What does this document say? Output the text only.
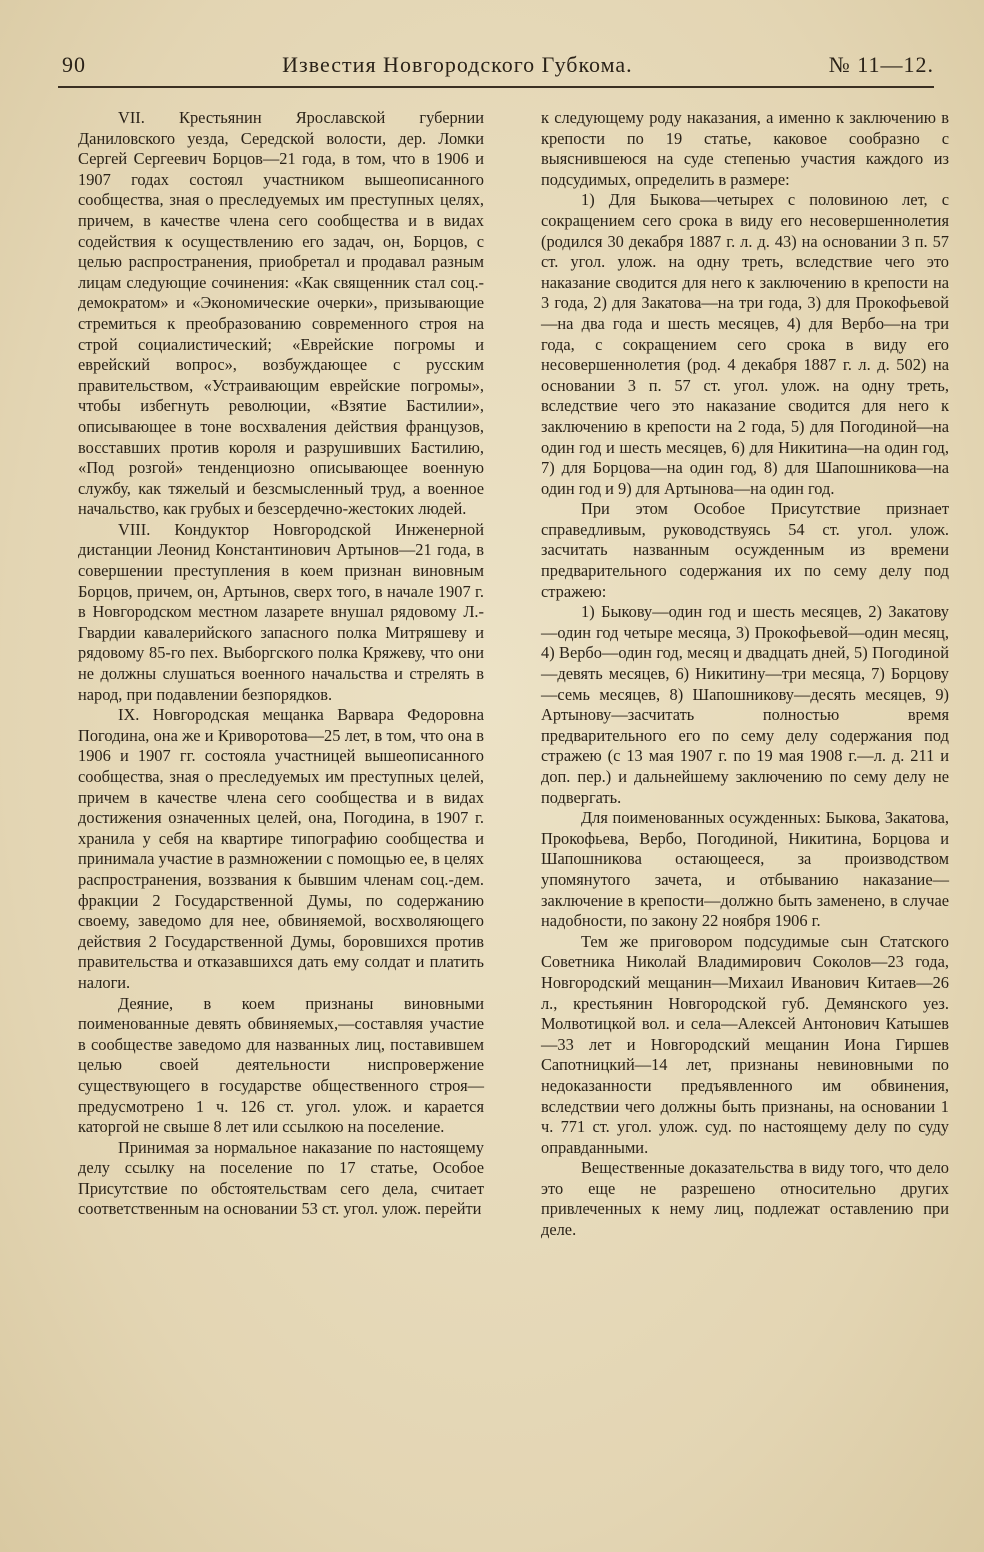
90	Известия Новгородского Губкома.	№ 11—12.

VII. Крестьянин Ярославской губернии Даниловского уезда, Середской волости, дер. Ломки Сергей Сергеевич Борцов—21 года, в том, что в 1906 и 1907 годах состоял участником вышеописанного сообщества, зная о преследуемых им преступных целях, причем, в качестве члена сего сообщества и в видах содействия к осуществлению его задач, он, Борцов, с целью распространения, приобретал и продавал разным лицам следующие сочинения: «Как священник стал соц.-демократом» и «Экономические очерки», призывающие стремиться к преобразованию современного строя на строй социалистический; «Еврейские погромы и еврейский вопрос», возбуждающее с русским правительством, «Устраивающим еврейские погромы», чтобы избегнуть революции, «Взятие Бастилии», описывающее в тоне восхваления действия французов, восставших против короля и разрушивших Бастилию, «Под розгой» тенденциозно описывающее военную службу, как тяжелый и безсмысленный труд, а военное начальство, как грубых и безсердечно-жестоких людей.

VIII. Кондуктор Новгородской Инженерной дистанции Леонид Константинович Артынов—21 года, в совершении преступления в коем признан виновным Борцов, причем, он, Артынов, сверх того, в начале 1907 г. в Новгородском местном лазарете внушал рядовому Л.-Гвардии кавалерийского запасного полка Митряшеву и рядовому 85-го пех. Выборгского полка Кряжеву, что они не должны слушаться военного начальства и стрелять в народ, при подавлении безпорядков.

IX. Новгородская мещанка Варвара Федоровна Погодина, она же и Криворотова—25 лет, в том, что она в 1906 и 1907 гг. состояла участницей вышеописанного сообщества, зная о преследуемых им преступных целей, причем в качестве члена сего сообщества и в видах достижения означенных целей, она, Погодина, в 1907 г. хранила у себя на квартире типографию сообщества и принимала участие в размножении с помощью ее, в целях распространения, воззвания к бывшим членам соц.-дем. фракции 2 Государственной Думы, по содержанию своему, заведомо для нее, обвиняемой, восхволяющего действия 2 Государственной Думы, боровшихся против правительства и отказавшихся дать ему солдат и платить налоги.

Деяние, в коем признаны виновными поименованные девять обвиняемых,—составляя участие в сообществе заведомо для названных лиц, поставившем целью своей деятельности ниспровержение существующего в государстве общественного строя—предусмотрено 1 ч. 126 ст. угол. улож. и карается каторгой не свыше 8 лет или ссылкою на поселение.

Принимая за нормальное наказание по настоящему делу ссылку на поселение по 17 статье, Особое Присутствие по обстоятельствам сего дела, считает соответственным на основании 53 ст. угол. улож. перейти

к следующему роду наказания, а именно к заключению в крепости по 19 статье, каковое сообразно с выяснившеюся на суде степенью участия каждого из подсудимых, определить в размере:

1) Для Быкова—четырех с половиною лет, с сокращением сего срока в виду его несовершеннолетия (родился 30 декабря 1887 г. л. д. 43) на основании 3 п. 57 ст. угол. улож. на одну треть, вследствие чего это наказание сводится для него к заключению в крепости на 3 года, 2) для Закатова—на три года, 3) для Прокофьевой—на два года и шесть месяцев, 4) для Вербо—на три года, с сокращением сего срока в виду его несовершеннолетия (род. 4 декабря 1887 г. л. д. 502) на основании 3 п. 57 ст. угол. улож. на одну треть, вследствие чего это наказание сводится для него к заключению в крепости на 2 года, 5) для Погодиной—на один год и шесть месяцев, 6) для Никитина—на один год, 7) для Борцова—на один год, 8) для Шапошникова—на один год и 9) для Артынова—на один год.

При этом Особое Присутствие признает справедливым, руководствуясь 54 ст. угол. улож. засчитать названным осужденным из времени предварительного содержания их по сему делу под стражею:

1) Быкову—один год и шесть месяцев, 2) Закатову—один год четыре месяца, 3) Прокофьевой—один месяц, 4) Вербо—один год, месяц и двадцать дней, 5) Погодиной—девять месяцев, 6) Никитину—три месяца, 7) Борцову—семь месяцев, 8) Шапошникову—десять месяцев, 9) Артынову—засчитать полностью время предварительного его по сему делу содержания под стражею (с 13 мая 1907 г. по 19 мая 1908 г.—л. д. 211 и доп. пер.) и дальнейшему заключению по сему делу не подвергать.

Для поименованных осужденных: Быкова, Закатова, Прокофьева, Вербо, Погодиной, Никитина, Борцова и Шапошникова остающееся, за производством упомянутого зачета, и отбыванию наказание—заключение в крепости—должно быть заменено, в случае надобности, по закону 22 ноября 1906 г.

Тем же приговором подсудимые сын Статского Советника Николай Владимирович Соколов—23 года, Новгородский мещанин—Михаил Иванович Китаев—26 л., крестьянин Новгородской губ. Демянского уез. Молвотицкой вол. и села—Алексей Антонович Катышев—33 лет и Новгородский мещанин Иона Гиршев Сапотницкий—14 лет, признаны невиновными по недоказанности предъявленного им обвинения, вследствии чего должны быть признаны, на основании 1 ч. 771 ст. угол. улож. суд. по настоящему делу по суду оправданными.

Вещественные доказательства в виду того, что дело это еще не разрешено относительно других привлеченных к нему лиц, подлежат оставлению при деле.
